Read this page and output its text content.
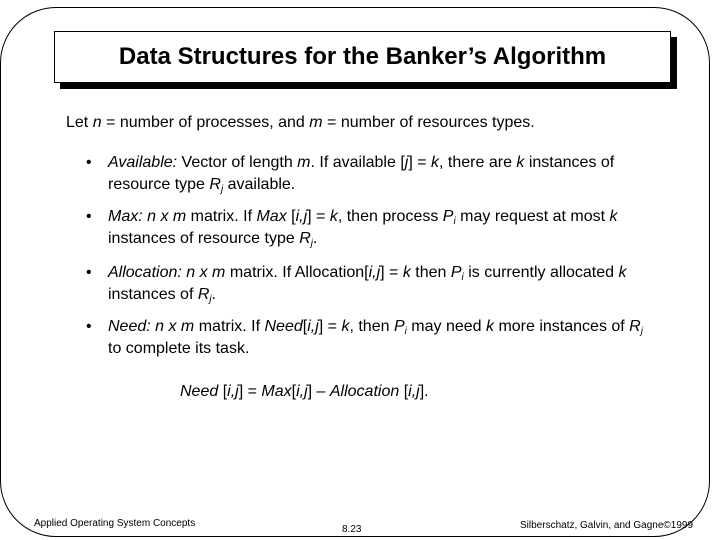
Data Structures for the Banker’s Algorithm
Let n = number of processes, and m = number of resources types.
• Available: Vector of length m. If available [j] = k, there are k instances of resource type $R_j$ available.
• Max: n x m matrix. If Max [i,j] = k, then process $P_i$ may request at most k instances of resource type $R_j$.
• Allocation: n x m matrix. If Allocation[i,j] = k then $P_i$ is currently allocated k instances of $R_j$.
• Need: n x m matrix. If Need[i,j] = k, then $P_i$ may need k more instances of $R_j$ to complete its task.
Need [i,j] = Max[i,j] – Allocation [i,j].
Applied Operating System Concepts
8.23	Silberschatz, Galvin, and Gagne©1999
